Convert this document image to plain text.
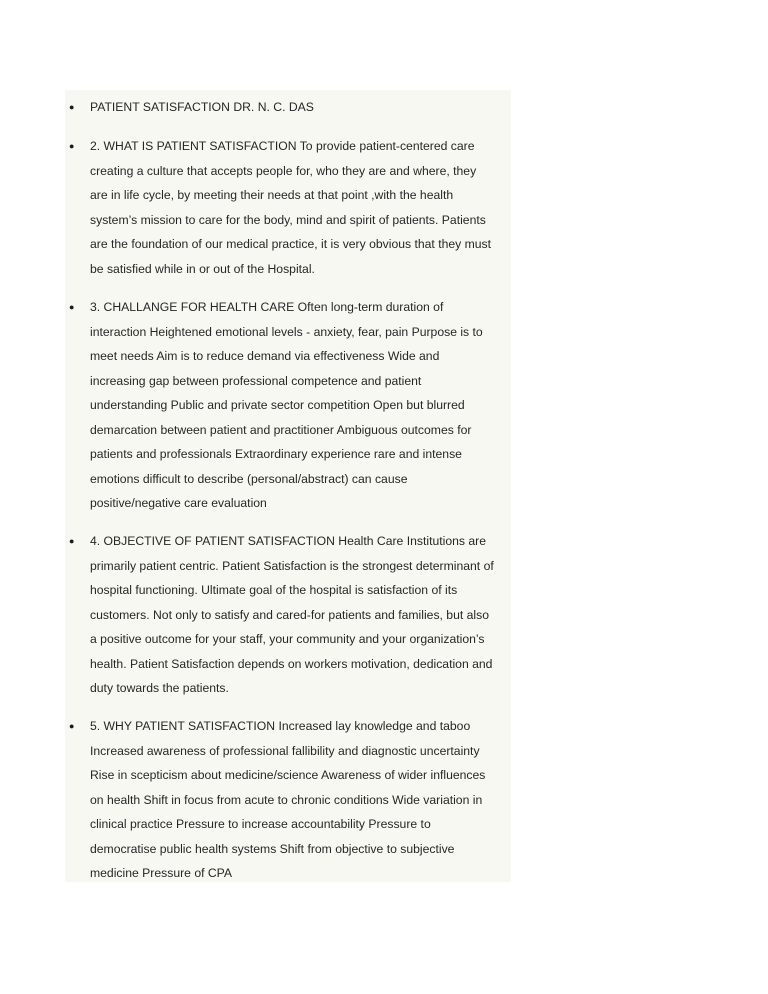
● PATIENT SATISFACTION DR. N. C. DAS
● 2. WHAT IS PATIENT SATISFACTION To provide patient-centered care
creating a culture that accepts people for, who they are and where, they
are in life cycle, by meeting their needs at that point ,with the health
system’s mission to care for the body, mind and spirit of patients. Patients
are the foundation of our medical practice, it is very obvious that they must
be satisfied while in or out of the Hospital.
● 3. CHALLANGE FOR HEALTH CARE Often long-term duration of
interaction Heightened emotional levels - anxiety, fear, pain Purpose is to
meet needs Aim is to reduce demand via effectiveness Wide and
increasing gap between professional competence and patient
understanding Public and private sector competition Open but blurred
demarcation between patient and practitioner Ambiguous outcomes for
patients and professionals Extraordinary experience rare and intense
emotions difficult to describe (personal/abstract) can cause
positive/negative care evaluation
● 4. OBJECTIVE OF PATIENT SATISFACTION Health Care Institutions are
primarily patient centric. Patient Satisfaction is the strongest determinant of
hospital functioning. Ultimate goal of the hospital is satisfaction of its
customers. Not only to satisfy and cared-for patients and families, but also
a positive outcome for your staff, your community and your organization’s
health. Patient Satisfaction depends on workers motivation, dedication and
duty towards the patients.
● 5. WHY PATIENT SATISFACTION Increased lay knowledge and taboo
Increased awareness of professional fallibility and diagnostic uncertainty
Rise in scepticism about medicine/science Awareness of wider influences
on health Shift in focus from acute to chronic conditions Wide variation in
clinical practice Pressure to increase accountability Pressure to
democratise public health systems Shift from objective to subjective
medicine Pressure of CPA
